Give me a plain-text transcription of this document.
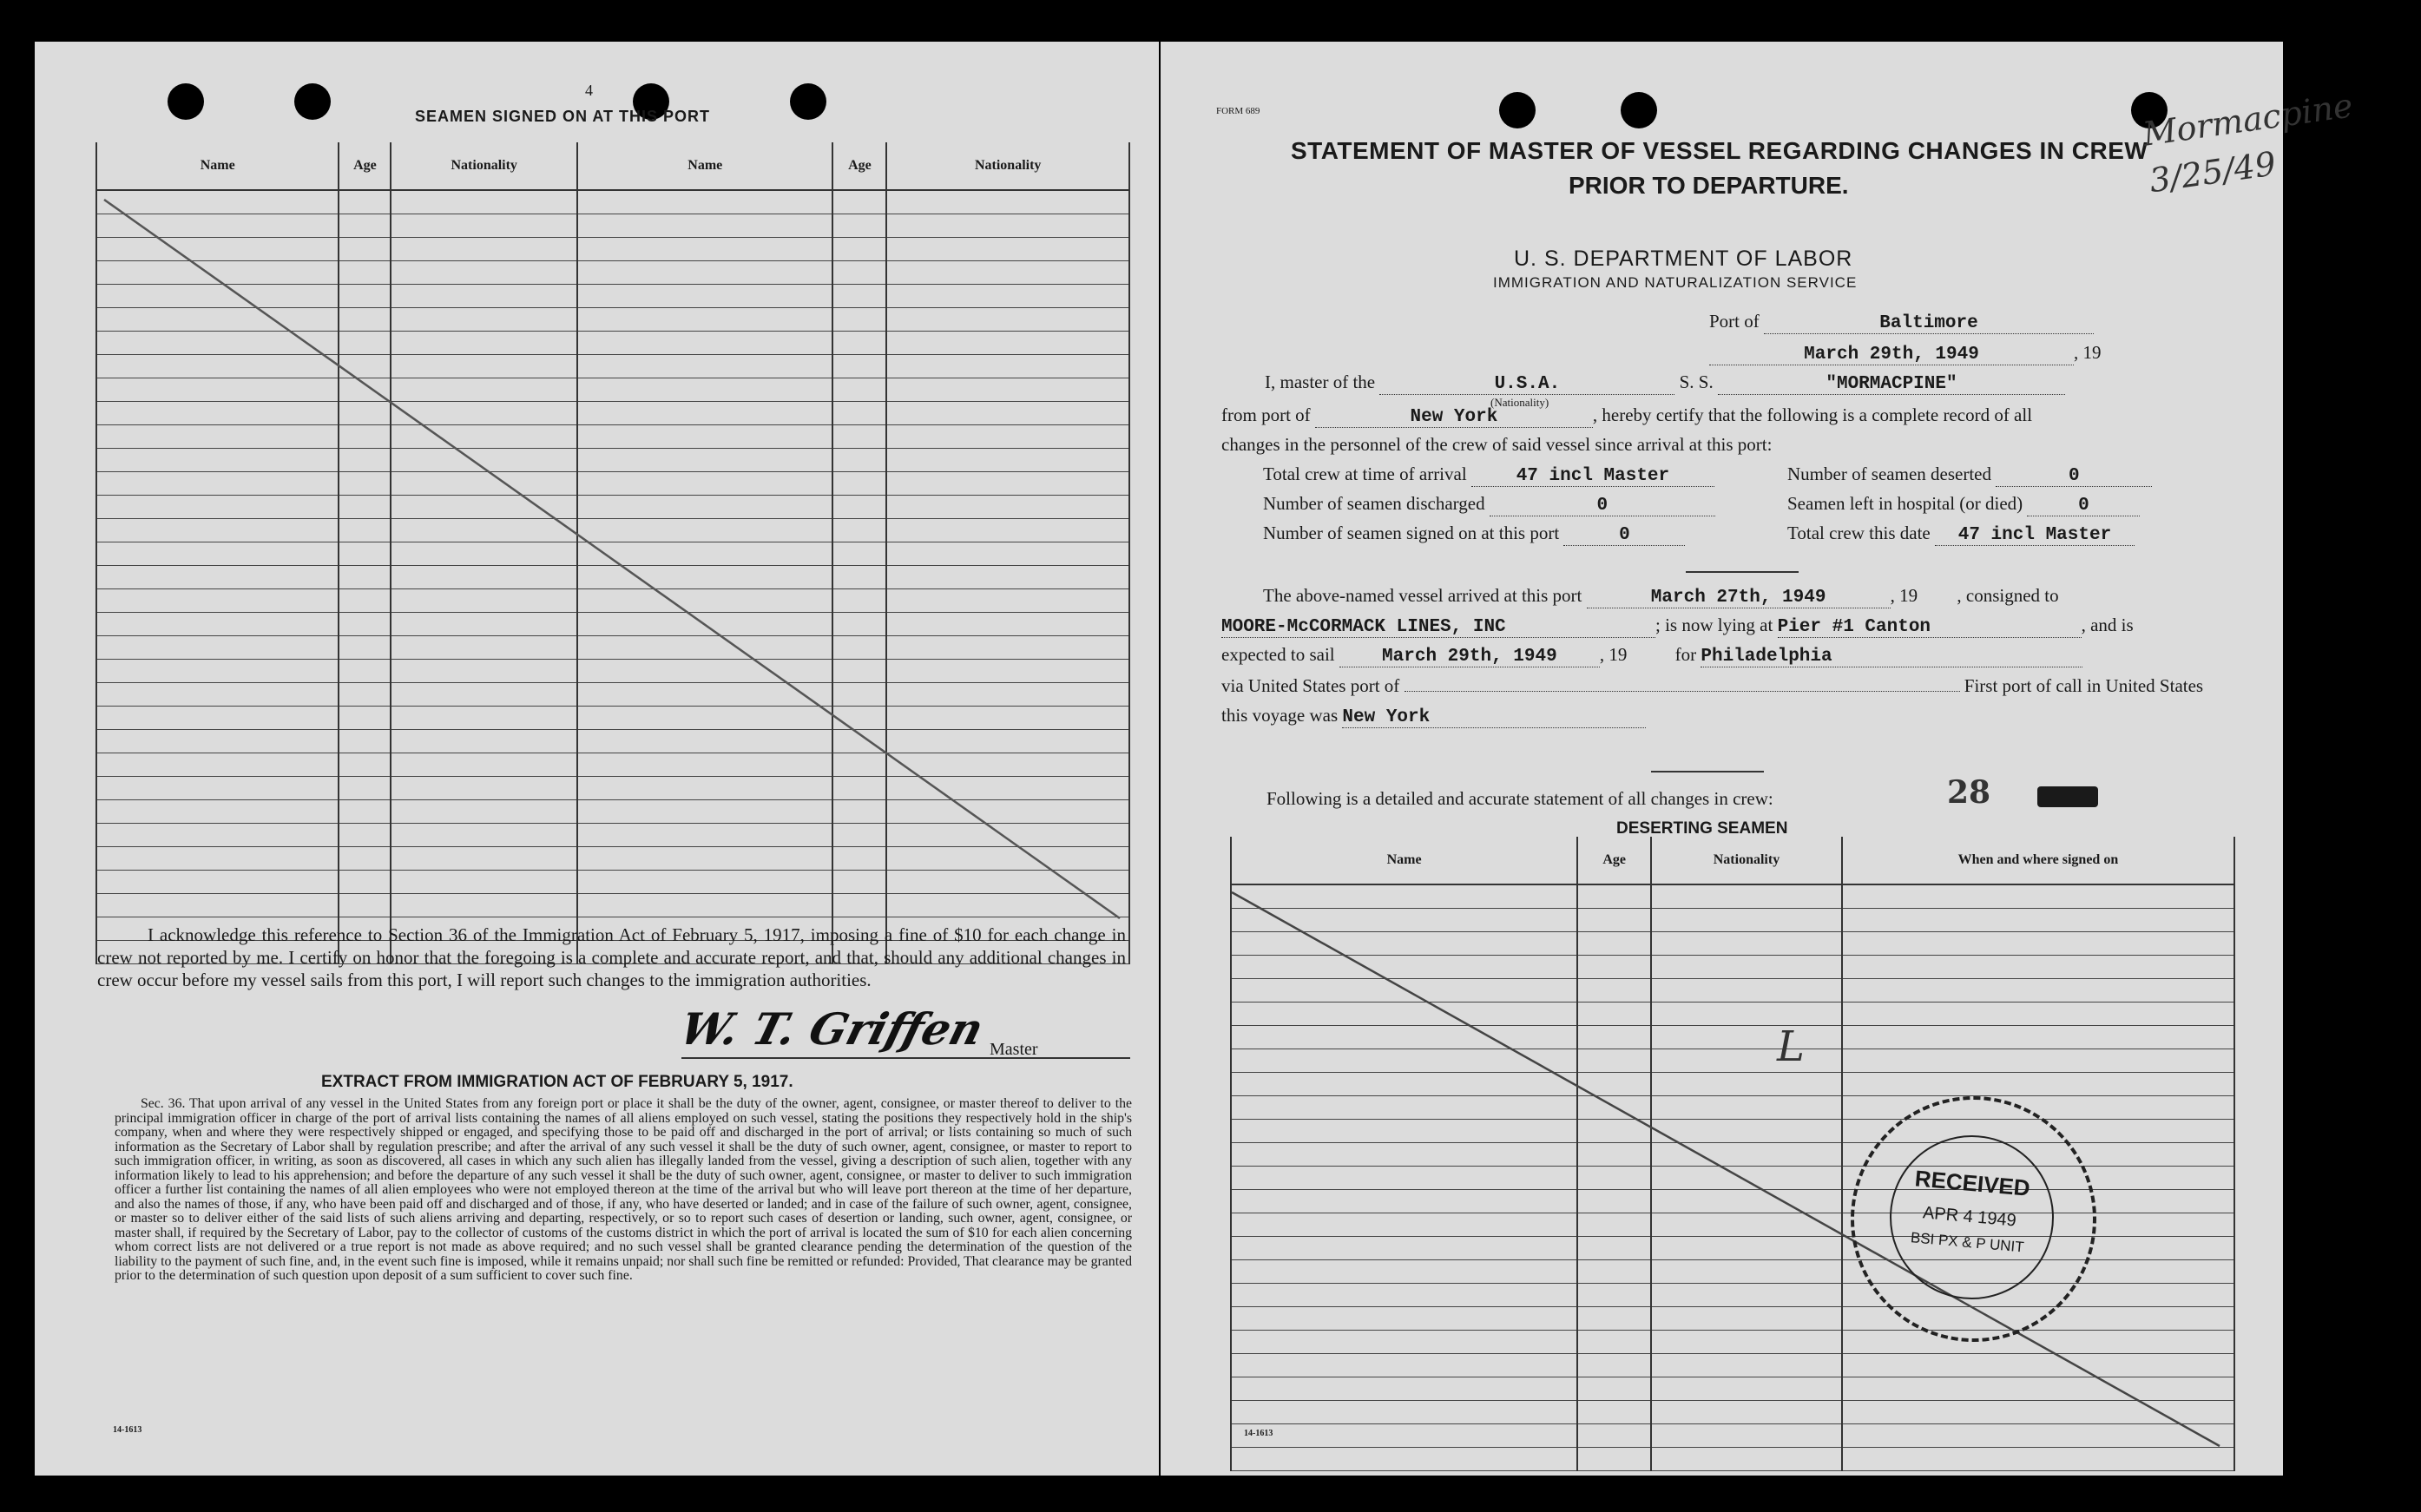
4
SEAMEN SIGNED ON AT THIS PORT
Name	Age	Nationality	Name	Age	Nationality

I acknowledge this reference to Section 36 of the Immigration Act of February 5, 1917, imposing a fine of $10 for each change in crew not reported by me. I certify on honor that the foregoing is a complete and accurate report, and that, should any additional changes in crew occur before my vessel sails from this port, I will report such changes to the immigration authorities.
W. T. Griffen Master
EXTRACT FROM IMMIGRATION ACT OF FEBRUARY 5, 1917.
Sec. 36. That upon arrival of any vessel in the United States from any foreign port or place it shall be the duty of the owner, agent, consignee, or master thereof to deliver to the principal immigration officer in charge of the port of arrival lists containing the names of all aliens employed on such vessel, stating the positions they respectively hold in the ship's company, when and where they were respectively shipped or engaged, and specifying those to be paid off and discharged in the port of arrival; or lists containing so much of such information as the Secretary of Labor shall by regulation prescribe; and after the arrival of any such vessel it shall be the duty of such owner, agent, consignee, or master to report to such immigration officer, in writing, as soon as discovered, all cases in which any such alien has illegally landed from the vessel, giving a description of such alien, together with any information likely to lead to his apprehension; and before the departure of any such vessel it shall be the duty of such owner, agent, consignee, or master to deliver to such immigration officer a further list containing the names of all alien employees who were not employed thereon at the time of the arrival but who will leave port thereon at the time of her departure, and also the names of those, if any, who have been paid off and discharged and of those, if any, who have deserted or landed; and in case of the failure of such owner, agent, consignee, or master so to deliver either of the said lists of such aliens arriving and departing, respectively, or so to report such cases of desertion or landing, such owner, agent, consignee, or master shall, if required by the Secretary of Labor, pay to the collector of customs of the customs district in which the port of arrival is located the sum of $10 for each alien concerning whom correct lists are not delivered or a true report is not made as above required; and no such vessel shall be granted clearance pending the determination of the question of the liability to the payment of such fine, and, in the event such fine is imposed, while it remains unpaid; nor shall such fine be remitted or refunded: Provided, That clearance may be granted prior to the determination of such question upon deposit of a sum sufficient to cover such fine.
14-1613
FORM 689
STATEMENT OF MASTER OF VESSEL REGARDING CHANGES IN CREW
PRIOR TO DEPARTURE.
Mormacpine 3/25/49
U. S. DEPARTMENT OF LABOR
IMMIGRATION AND NATURALIZATION SERVICE
Port of	Baltimore
March 29th, 1949	, 19
I, master of the	U.S.A.	S. S.	"MORMACPINE"
(Nationality)
from port of	New York	, hereby certify that the following is a complete record of all
changes in the personnel of the crew of said vessel since arrival at this port:
Total crew at time of arrival	47 incl Master	Number of seamen deserted	0
Number of seamen discharged	0	Seamen left in hospital (or died)	0
Number of seamen signed on at this port	0	Total crew this date 47 incl Master
The above-named vessel arrived at this port	March 27th, 1949	, 19 , consigned to
MOORE-McCORMACK LINES, INC	; is now lying at Pier #1 Canton	, and is
expected to sail	March 29th, 1949 , 19	for Philadelphia
via United States port of	First port of call in United States
this voyage was New York
Following is a detailed and accurate statement of all changes in crew:	28
DESERTING SEAMEN
Name	Age	Nationality	When and where signed on

L
RECEIVED
APR 4 1949
BSI PX & P UNIT
14-1613
